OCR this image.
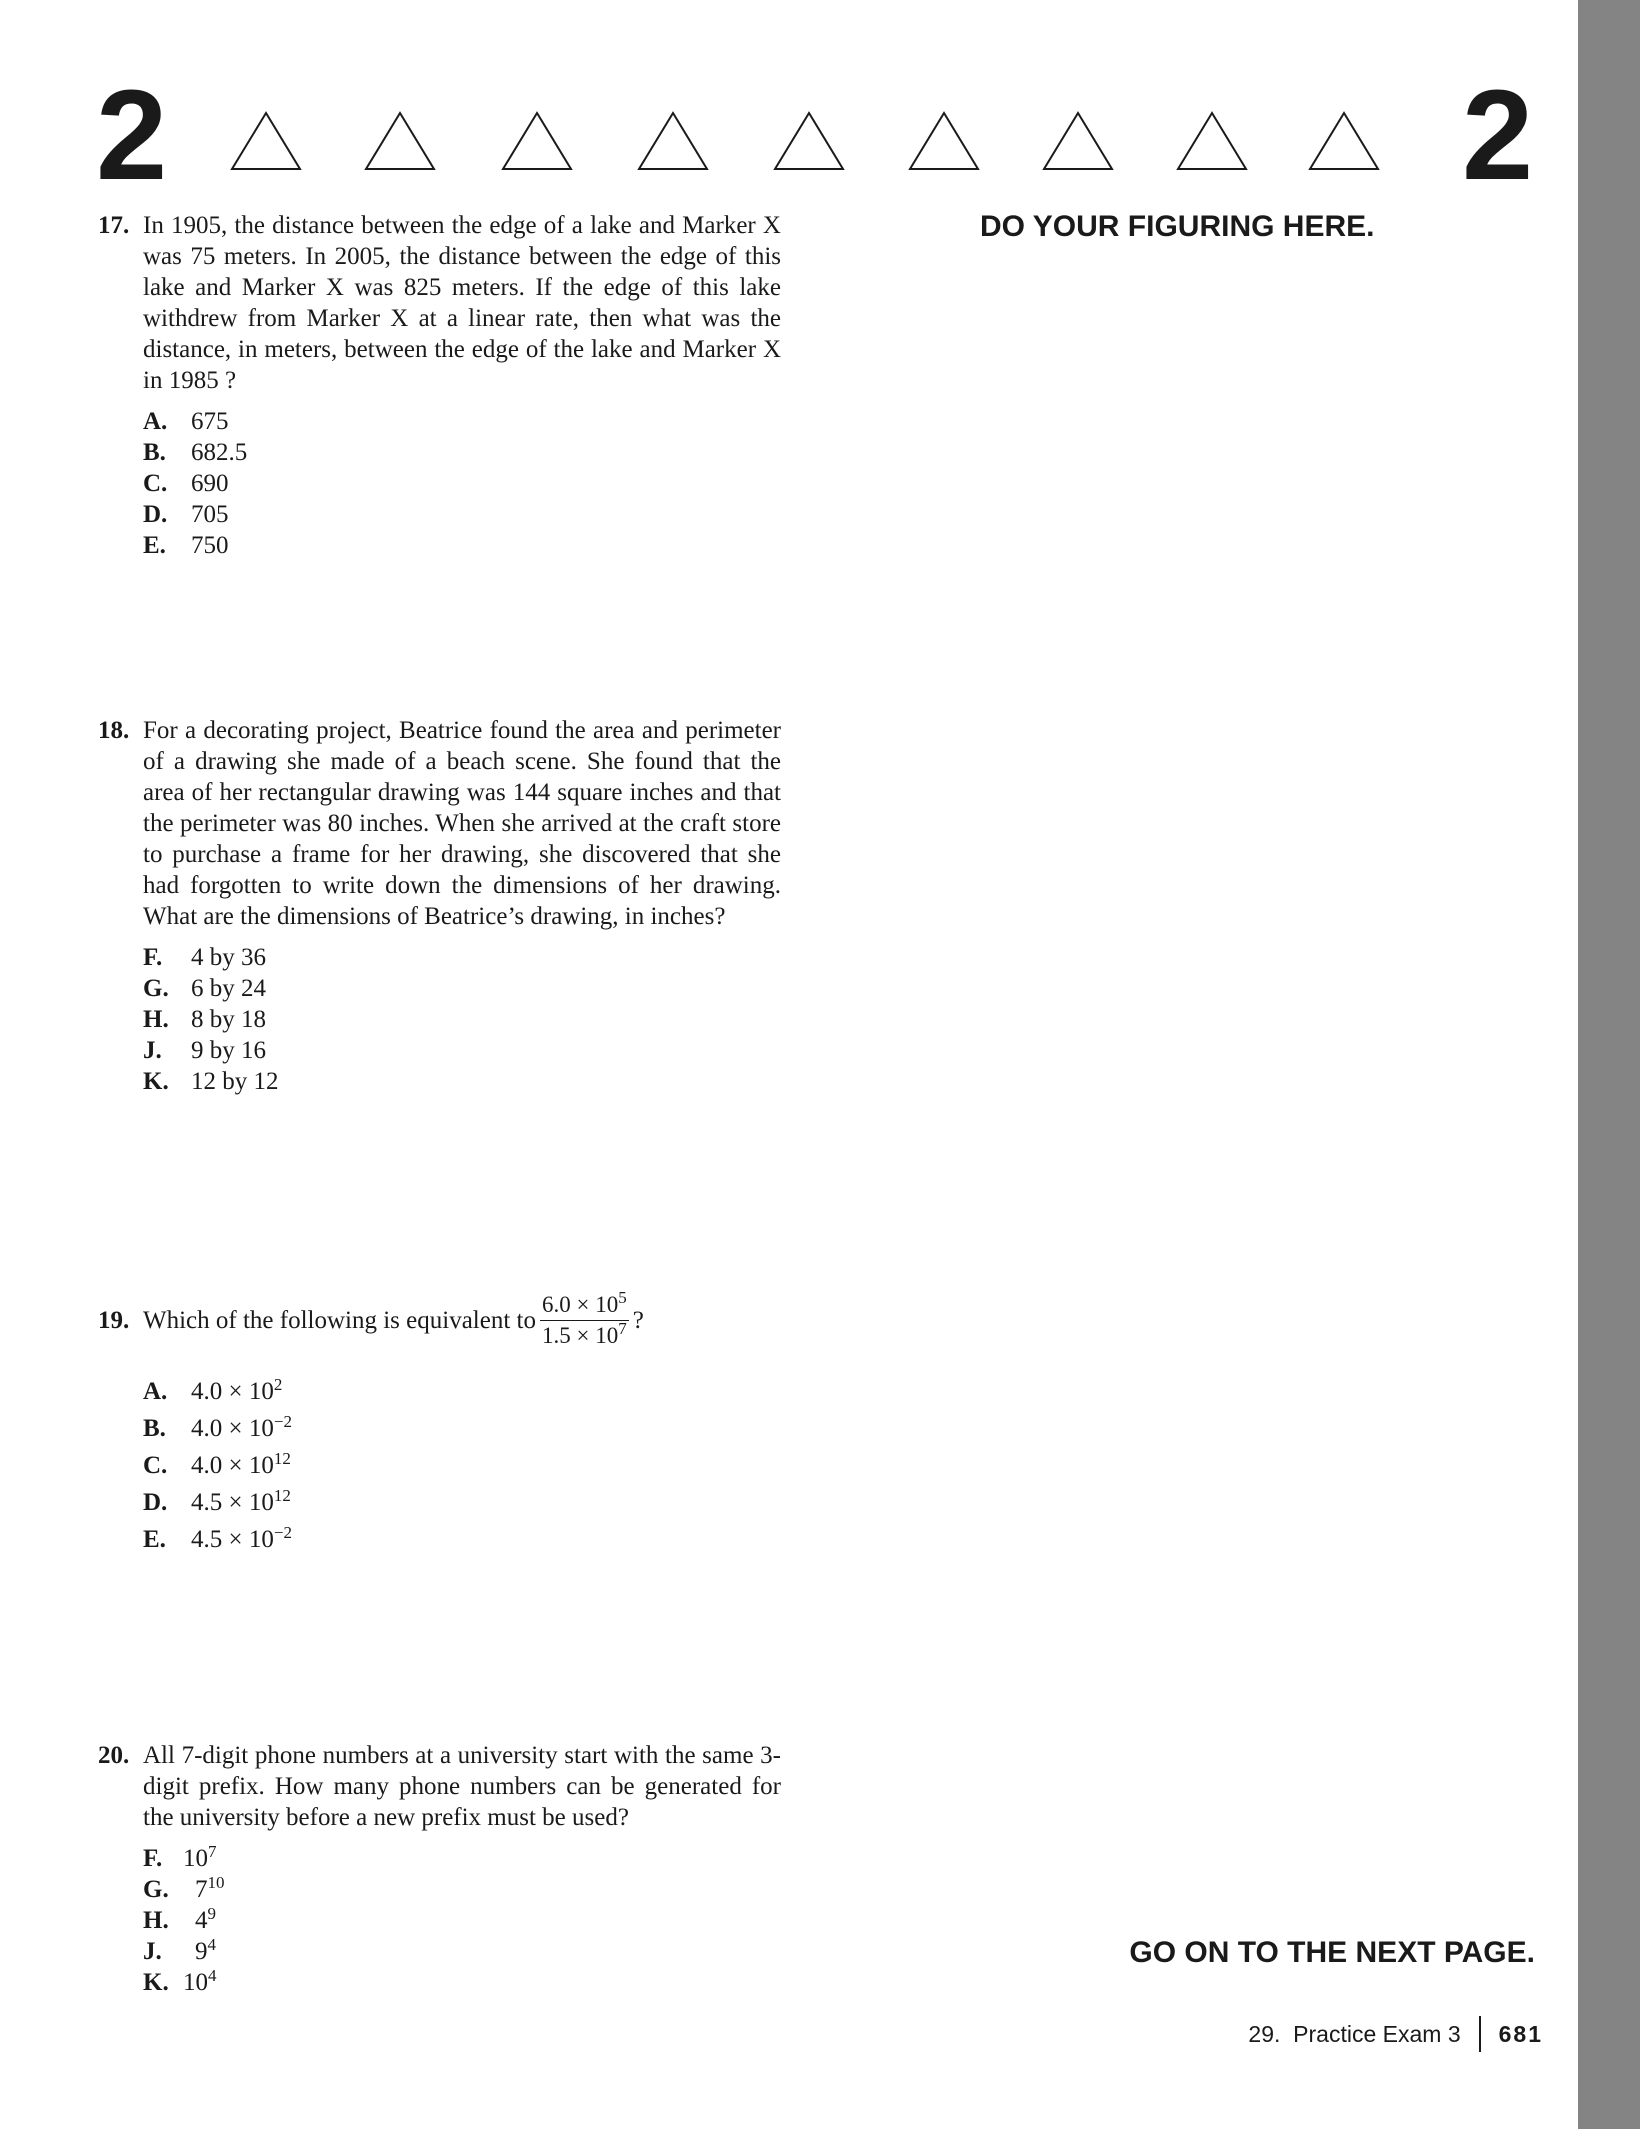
2	2
DO YOUR FIGURING HERE.
17. In 1905, the distance between the edge of a lake and Marker X was 75 meters. In 2005, the distance between the edge of this lake and Marker X was 825 meters. If the edge of this lake withdrew from Marker X at a linear rate, then what was the distance, in meters, between the edge of the lake and Marker X in 1985 ?
A. 675
B.	682.5
C. 690
D. 705
E.	750
18. For a decorating project, Beatrice found the area and perimeter of a drawing she made of a beach scene. She found that the area of her rectangular drawing was 144 square inches and that the perimeter was 80 inches. When she arrived at the craft store to purchase a frame for her drawing, she discovered that she had forgotten to write down the dimensions of her drawing. What are the dimensions of Beatrice’s drawing, in inches?
F.	4 by 36
G. 6 by 24
H. 8 by 18
J.	9 by 16
K. 12 by 12
19. Which of the following is equivalent to $\frac{6.0 \times 10^5}{1.5 \times 10^7}$ ?
A. $4.0 \times 10^2$
B.	$4.0 \times 10^{-2}$
C. $4.0 \times 10^{12}$
D. $4.5 \times 10^{12}$
E.	$4.5 \times 10^{-2}$
20. All 7-digit phone numbers at a university start with the same 3-digit prefix. How many phone numbers can be generated for the university before a new prefix must be used?
F. $10^7$
G.	$7^{10}$
H.	$4^9$
J.	$9^4$
K. $10^4$
GO ON TO THE NEXT PAGE.
29.  Practice Exam 3 681
